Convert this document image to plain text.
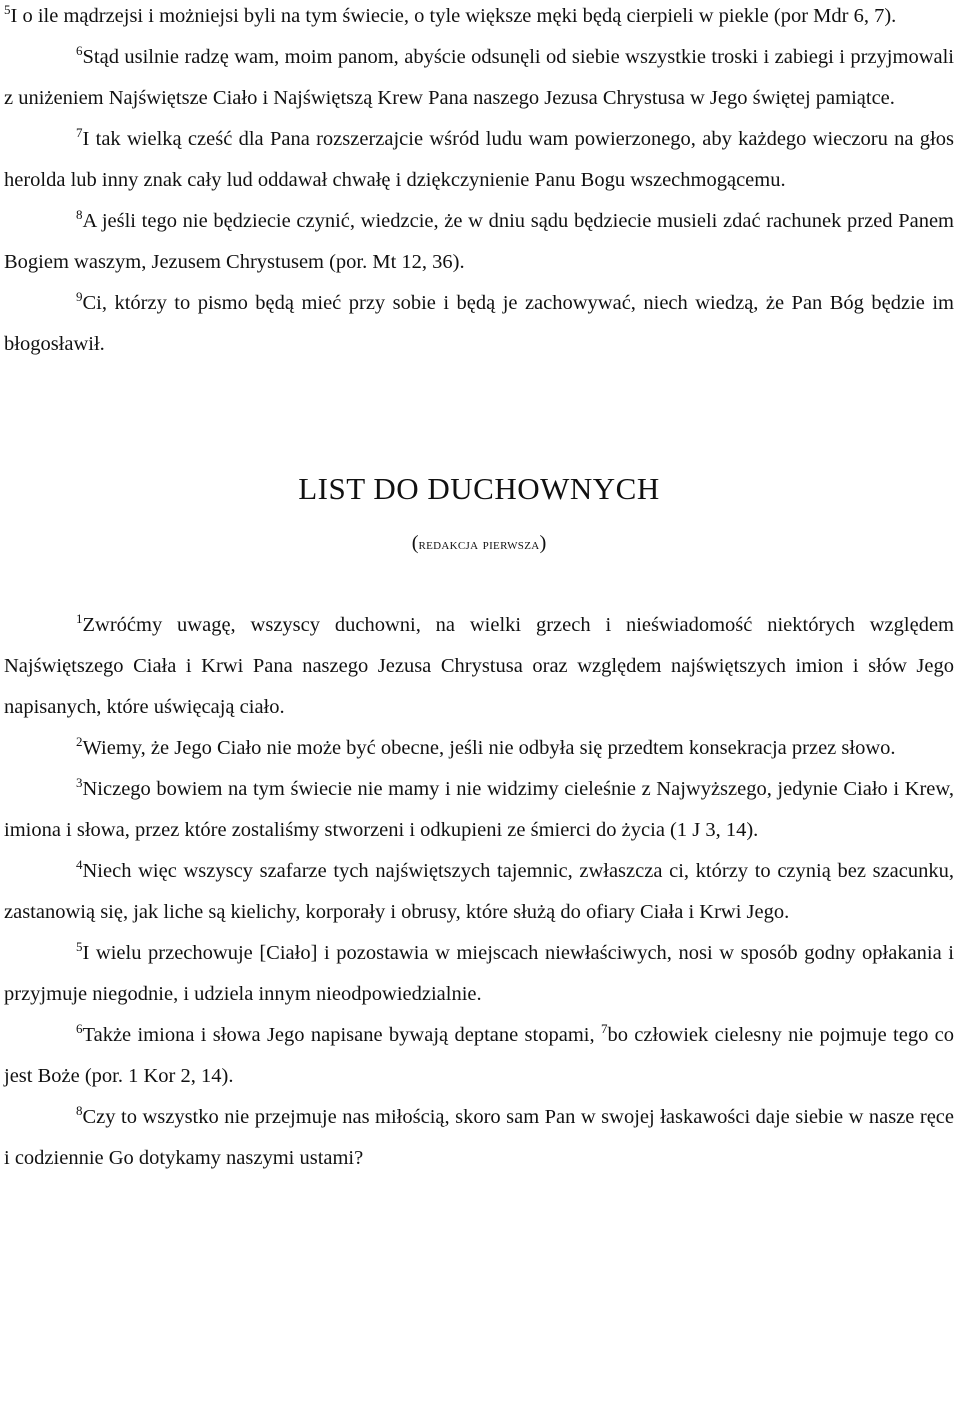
$^5$I o ile mądrzejsi i możniejsi byli na tym świecie, o tyle większe męki będą cierpieli w piekle (por Mdr 6, 7).

$^6$Stąd usilnie radzę wam, moim panom, abyście odsunęli od siebie wszystkie troski i zabiegi i przyjmowali z uniżeniem Najświętsze Ciało i Najświętszą Krew Pana naszego Jezusa Chrystusa w Jego świętej pamiątce.

$^7$I tak wielką cześć dla Pana rozszerzajcie wśród ludu wam powierzonego, aby każdego wieczoru na głos herolda lub inny znak cały lud oddawał chwałę i dziękczynienie Panu Bogu wszechmogącemu.

$^8$A jeśli tego nie będziecie czynić, wiedzcie, że w dniu sądu będziecie musieli zdać rachunek przed Panem Bogiem waszym, Jezusem Chrystusem (por. Mt 12, 36).

$^9$Ci, którzy to pismo będą mieć przy sobie i będą je zachowywać, niech wiedzą, że Pan Bóg będzie im błogosławił.

LIST DO DUCHOWNYCH
(redakcja pierwsza)

$^1$Zwróćmy uwagę, wszyscy duchowni, na wielki grzech i nieświadomość niektórych względem Najświętszego Ciała i Krwi Pana naszego Jezusa Chrystusa oraz względem najświętszych imion i słów Jego napisanych, które uświęcają ciało.

$^2$Wiemy, że Jego Ciało nie może być obecne, jeśli nie odbyła się przedtem konsekracja przez słowo.

$^3$Niczego bowiem na tym świecie nie mamy i nie widzimy cieleśnie z Najwyższego, jedynie Ciało i Krew, imiona i słowa, przez które zostaliśmy stworzeni i odkupieni ze śmierci do życia (1 J 3, 14).

$^4$Niech więc wszyscy szafarze tych najświętszych tajemnic, zwłaszcza ci, którzy to czynią bez szacunku, zastanowią się, jak liche są kielichy, korporały i obrusy, które służą do ofiary Ciała i Krwi Jego.

$^5$I wielu przechowuje [Ciało] i pozostawia w miejscach niewłaściwych, nosi w sposób godny opłakania i przyjmuje niegodnie, i udziela innym nieodpowiedzialnie.

$^6$Także imiona i słowa Jego napisane bywają deptane stopami, $^7$bo człowiek cielesny nie pojmuje tego co jest Boże (por. 1 Kor 2, 14).

$^8$Czy to wszystko nie przejmuje nas miłością, skoro sam Pan w swojej łaskawości daje siebie w nasze ręce i codziennie Go dotykamy naszymi ustami?
